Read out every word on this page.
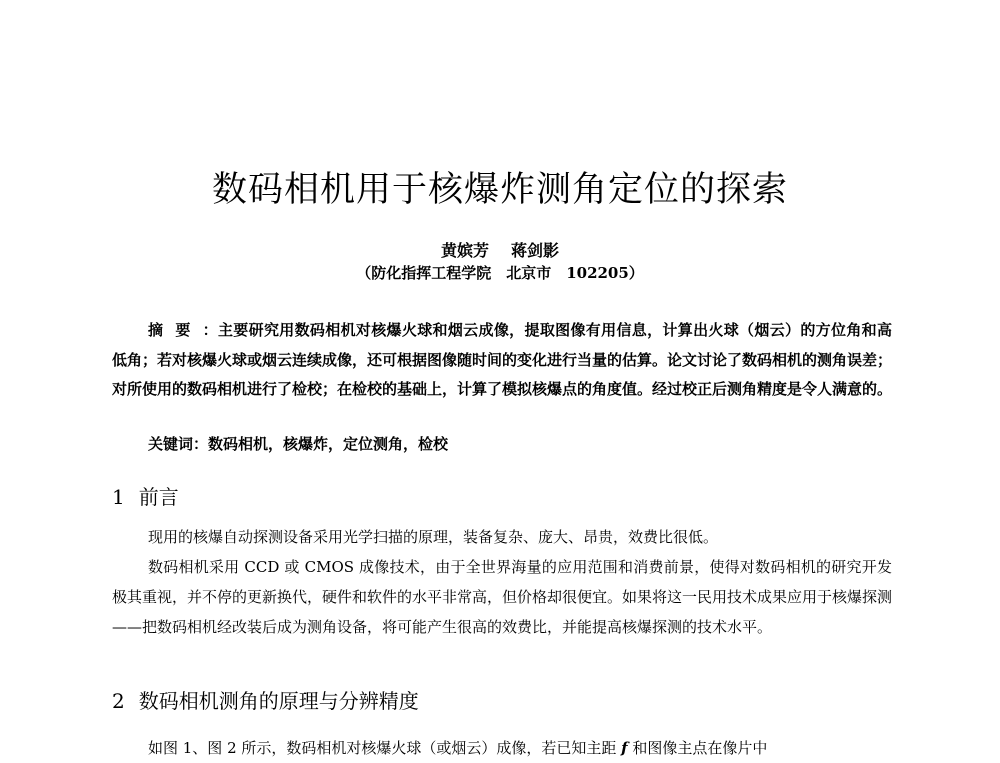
数码相机用于核爆炸测角定位的探索
黄嫔芳 蒋剑影
（防化指挥工程学院　北京市　102205）
摘要：主要研究用数码相机对核爆火球和烟云成像，提取图像有用信息，计算出火球（烟云）的方位角和高低角；若对核爆火球或烟云连续成像，还可根据图像随时间的变化进行当量的估算。论文讨论了数码相机的测角误差；对所使用的数码相机进行了检校；在检校的基础上，计算了模拟核爆点的角度值。经过校正后测角精度是令人满意的。
关键词：数码相机，核爆炸，定位测角，检校
1 前言
现用的核爆自动探测设备采用光学扫描的原理，装备复杂、庞大、昂贵，效费比很低。
数码相机采用 CCD 或 CMOS 成像技术，由于全世界海量的应用范围和消费前景，使得对数码相机的研究开发极其重视，并不停的更新换代，硬件和软件的水平非常高，但价格却很便宜。如果将这一民用技术成果应用于核爆探测——把数码相机经改装后成为测角设备，将可能产生很高的效费比，并能提高核爆探测的技术水平。
2 数码相机测角的原理与分辨精度
如图 1、图 2 所示，数码相机对核爆火球（或烟云）成像，若已知主距 f 和图像主点在像片中
